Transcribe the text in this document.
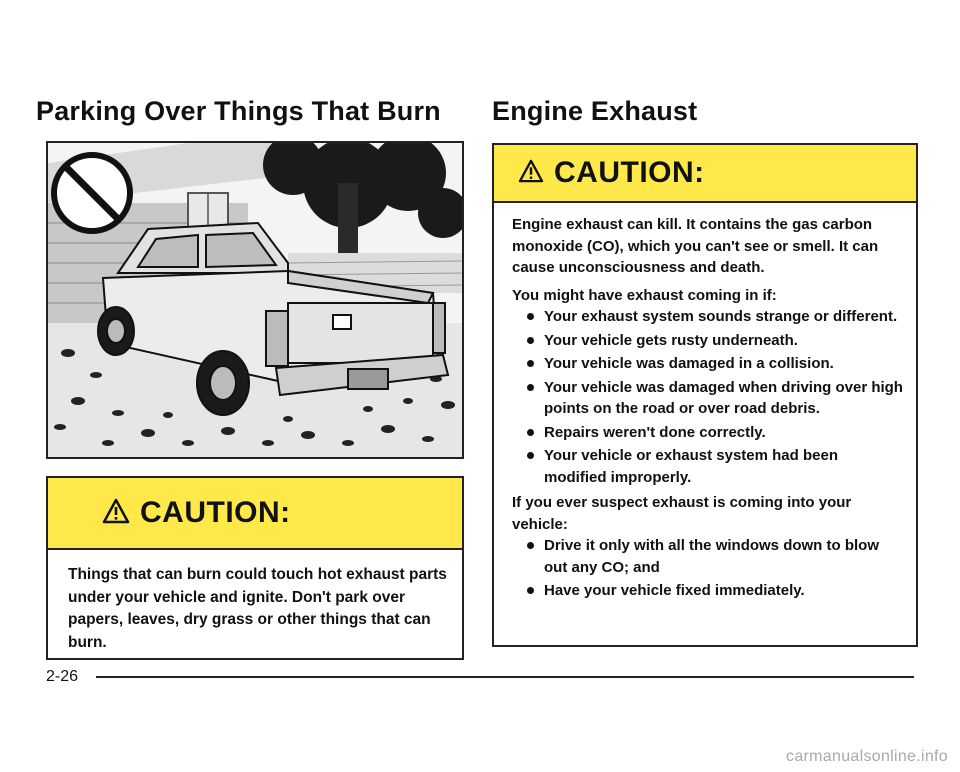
Parking Over Things That Burn Engine Exhaust
CAUTION:

Things that can burn could touch hot exhaust parts under your vehicle and ignite. Don't park over papers, leaves, dry grass or other things that can burn.

CAUTION:

Engine exhaust can kill. It contains the gas carbon monoxide (CO), which you can't see or smell. It can cause unconsciousness and death.

You might have exhaust coming in if:

Your exhaust system sounds strange or different.
Your vehicle gets rusty underneath.
Your vehicle was damaged in a collision.
Your vehicle was damaged when driving over high points on the road or over road debris.
Repairs weren't done correctly.
Your vehicle or exhaust system had been modified improperly.

If you ever suspect exhaust is coming into your vehicle:

Drive it only with all the windows down to blow out any CO; and
Have your vehicle fixed immediately.
2-26
carmanualsonline.info
